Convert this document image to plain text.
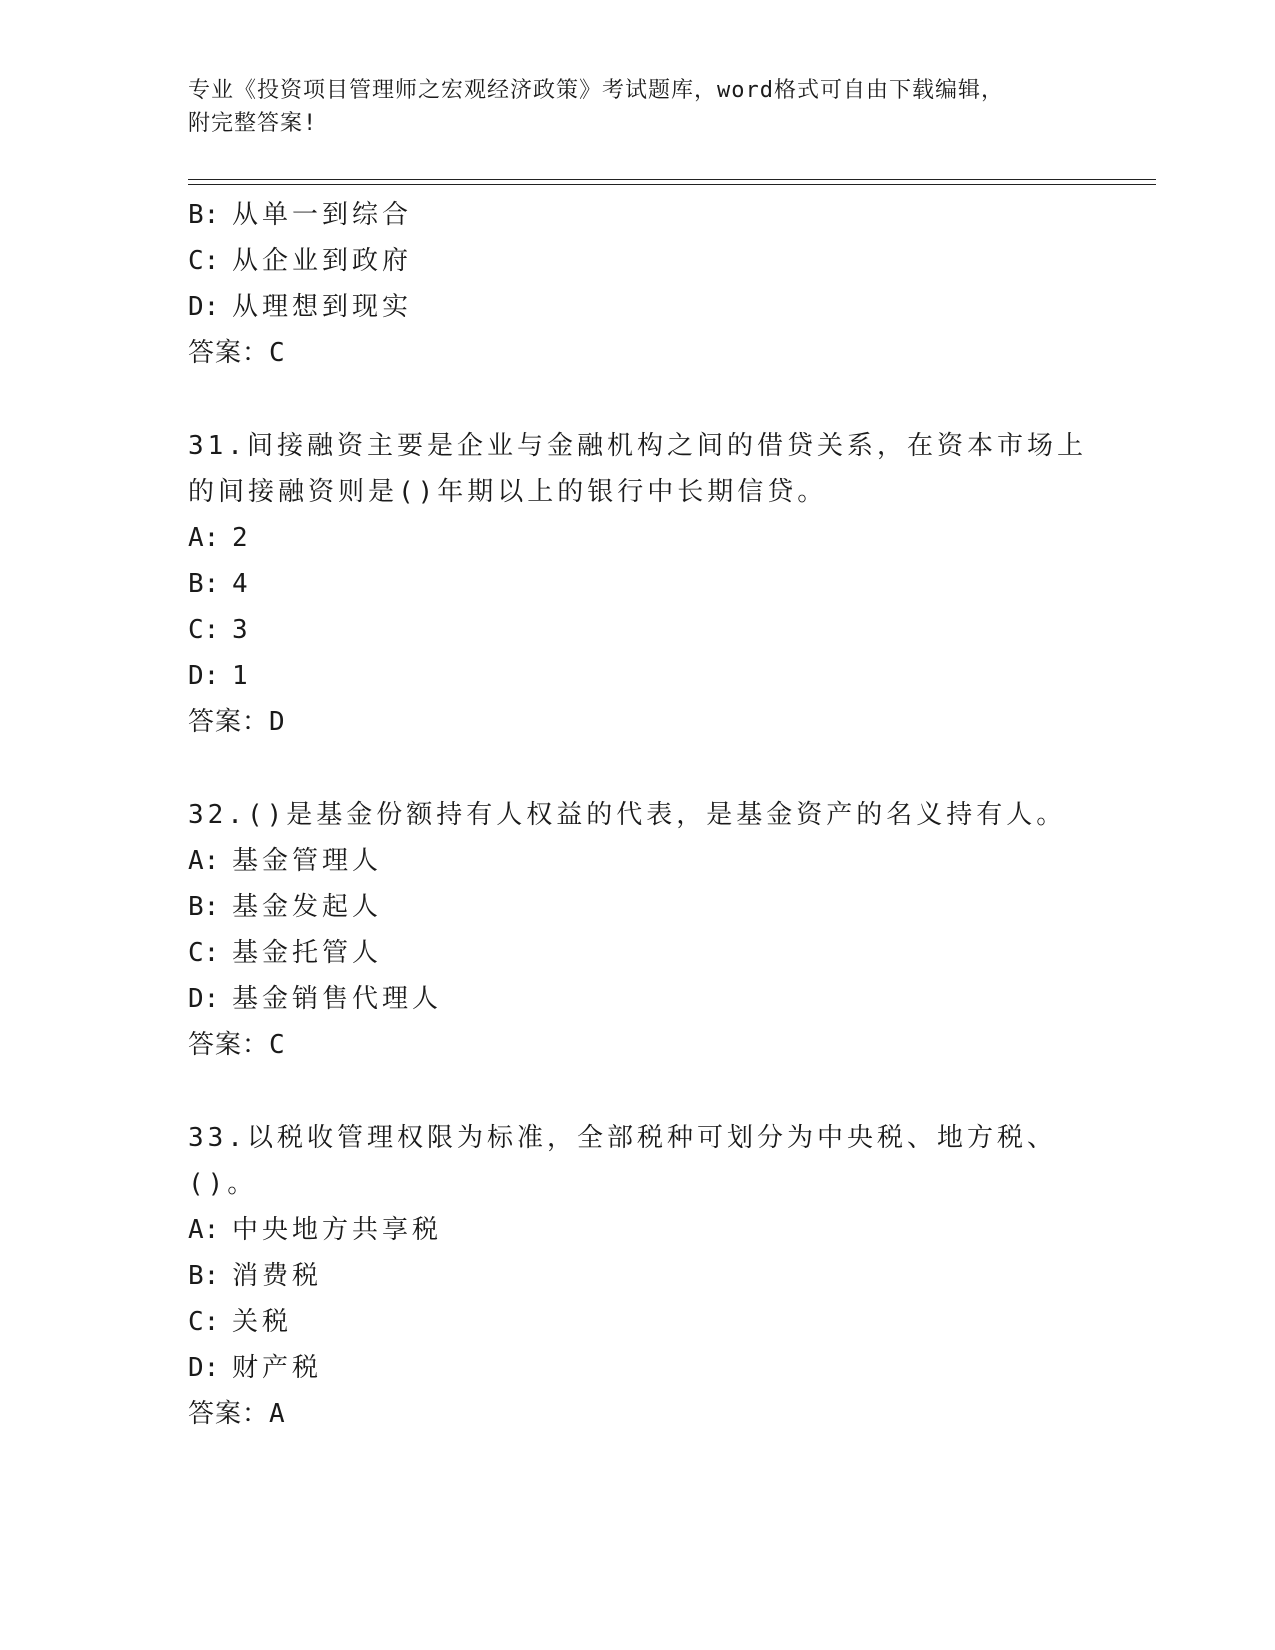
专业《投资项目管理师之宏观经济政策》考试题库，word格式可自由下载编辑，
附完整答案!
B: 从单一到综合
C: 从企业到政府
D: 从理想到现实
答案：C
31.间接融资主要是企业与金融机构之间的借贷关系，在资本市场上的间接融资则是()年期以上的银行中长期信贷。
A: 2
B: 4
C: 3
D: 1
答案：D
32.()是基金份额持有人权益的代表，是基金资产的名义持有人。
A: 基金管理人
B: 基金发起人
C: 基金托管人
D: 基金销售代理人
答案：C
33.以税收管理权限为标准，全部税种可划分为中央税、地方税、()。
A: 中央地方共享税
B: 消费税
C: 关税
D: 财产税
答案：A
